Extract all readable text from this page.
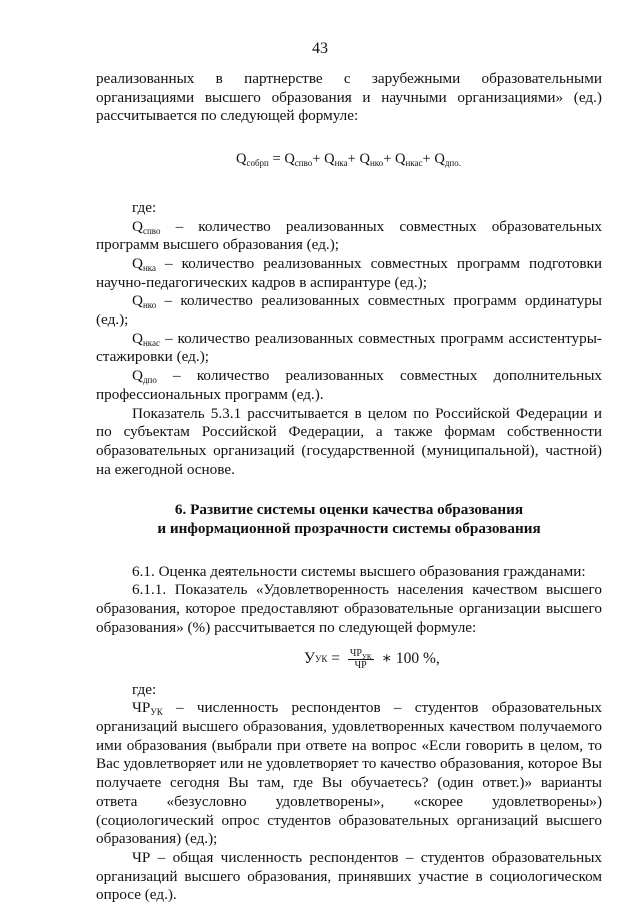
43

реализованных в партнерстве с зарубежными образовательными организациями высшего образования и научными организациями» (ед.) рассчитывается по следующей формуле:

$Q_{собрп} = Q_{спво}+ Q_{нка}+ Q_{нко}+ Q_{нкас}+ Q_{дпо.}$

где:

$Q_{спво}$ – количество реализованных совместных образовательных программ высшего образования (ед.);

$Q_{нка}$ – количество реализованных совместных программ подготовки научно-педагогических кадров в аспирантуре (ед.);

$Q_{нко}$ – количество реализованных совместных программ ординатуры (ед.);

$Q_{нкас}$ – количество реализованных совместных программ ассистентуры-стажировки (ед.);

$Q_{дпо}$ – количество реализованных совместных дополнительных профессиональных программ (ед.).

Показатель 5.3.1 рассчитывается в целом по Российской Федерации и по субъектам Российской Федерации, а также формам собственности образовательных организаций (государственной (муниципальной), частной) на ежегодной основе.

6. Развитие системы оценки качества образования

и информационной прозрачности системы образования

6.1. Оценка деятельности системы высшего образования гражданами:

6.1.1. Показатель «Удовлетворенность населения качеством высшего образования, которое предоставляют образовательные организации высшего образования» (%) рассчитывается по следующей формуле:

У УК = $\frac{ЧР_{УК}}{ЧР}$ ∗ 100 %,

где:

$ЧР_{УК}$ – численность респондентов – студентов образовательных организаций высшего образования, удовлетворенных качеством получаемого ими образования (выбрали при ответе на вопрос «Если говорить в целом, то Вас удовлетворяет или не удовлетворяет то качество образования, которое Вы получаете сегодня Вы там, где Вы обучаетесь? (один ответ.)» варианты ответа «безусловно удовлетворены», «скорее удовлетворены») (социологический опрос студентов образовательных организаций высшего образования) (ед.);

ЧР – общая численность респондентов – студентов образовательных организаций высшего образования, принявших участие в социологическом опросе (ед.).
